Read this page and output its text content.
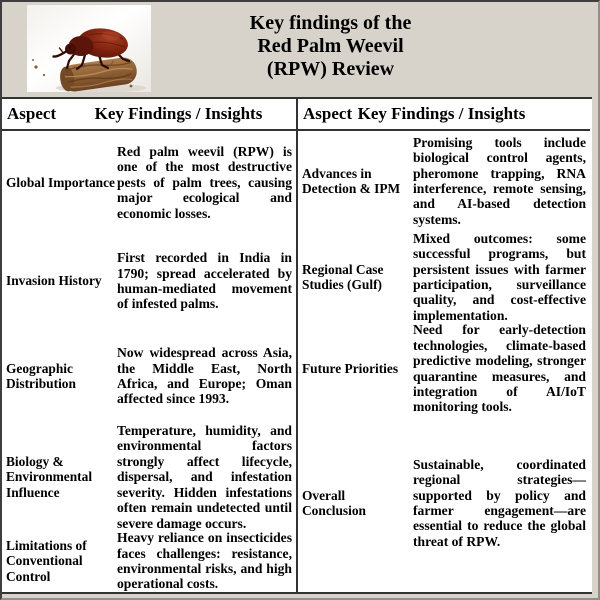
Key findings of the
Red Palm Weevil
(RPW) Review
Aspect	Key Findings / Insights
Global Importance
Red palm weevil (RPW) is one of the most destructive pests of palm trees, causing major ecological and economic losses.
Invasion History
First recorded in India in 1790; spread accelerated by human-mediated movement of infested palms.
Geographic Distribution
Now widespread across Asia, the Middle East, North Africa, and Europe; Oman affected since 1993.
Biology & Environmental Influence
Temperature, humidity, and environmental factors strongly affect lifecycle, dispersal, and infestation severity. Hidden infestations often remain undetected until severe damage occurs.
Limitations of Conventional Control
Heavy reliance on insecticides faces challenges: resistance, environmental risks, and high operational costs.
Aspect Key Findings / Insights
Advances in Detection & IPM
Promising tools include biological control agents, pheromone trapping, RNA interference, remote sensing, and AI-based detection systems.
Regional Case Studies (Gulf)
Mixed outcomes: some successful programs, but persistent issues with farmer participation, surveillance quality, and cost-effective implementation.
Future Priorities
Need for early-detection technologies, climate-based predictive modeling, stronger quarantine measures, and integration of AI/IoT monitoring tools.
Overall Conclusion
Sustainable, coordinated regional strategies—supported by policy and farmer engagement—are essential to reduce the global threat of RPW.
